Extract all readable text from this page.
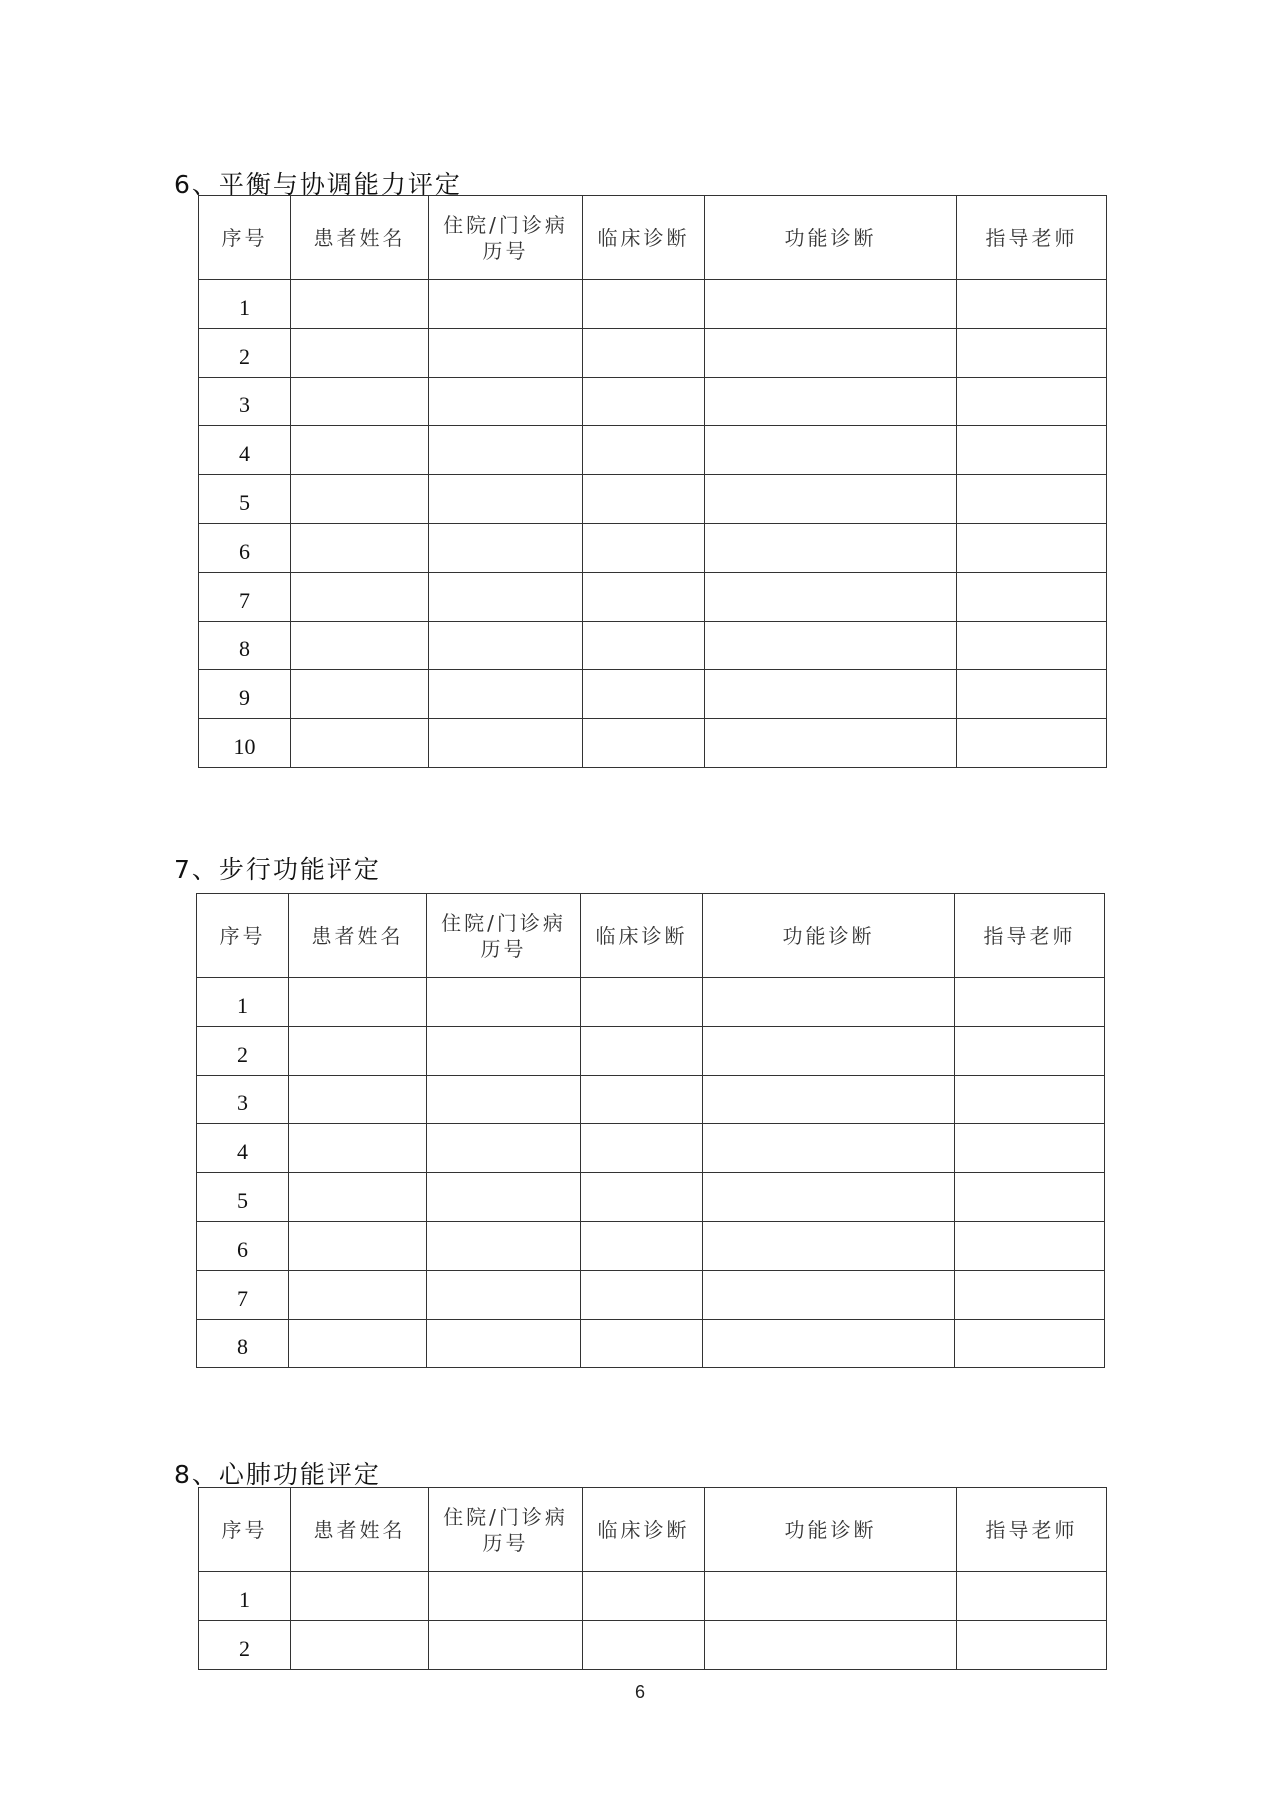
6、平衡与协调能力评定
序号	患者姓名	住院/门诊病历号	临床诊断	功能诊断	指导老师
1					
2					
3					
4					
5					
6					
7					
8					
9					
10					
7、步行功能评定
序号	患者姓名	住院/门诊病历号	临床诊断	功能诊断	指导老师
1					
2					
3					
4					
5					
6					
7					
8					
8、心肺功能评定
序号	患者姓名	住院/门诊病历号	临床诊断	功能诊断	指导老师
1					
2					
6
